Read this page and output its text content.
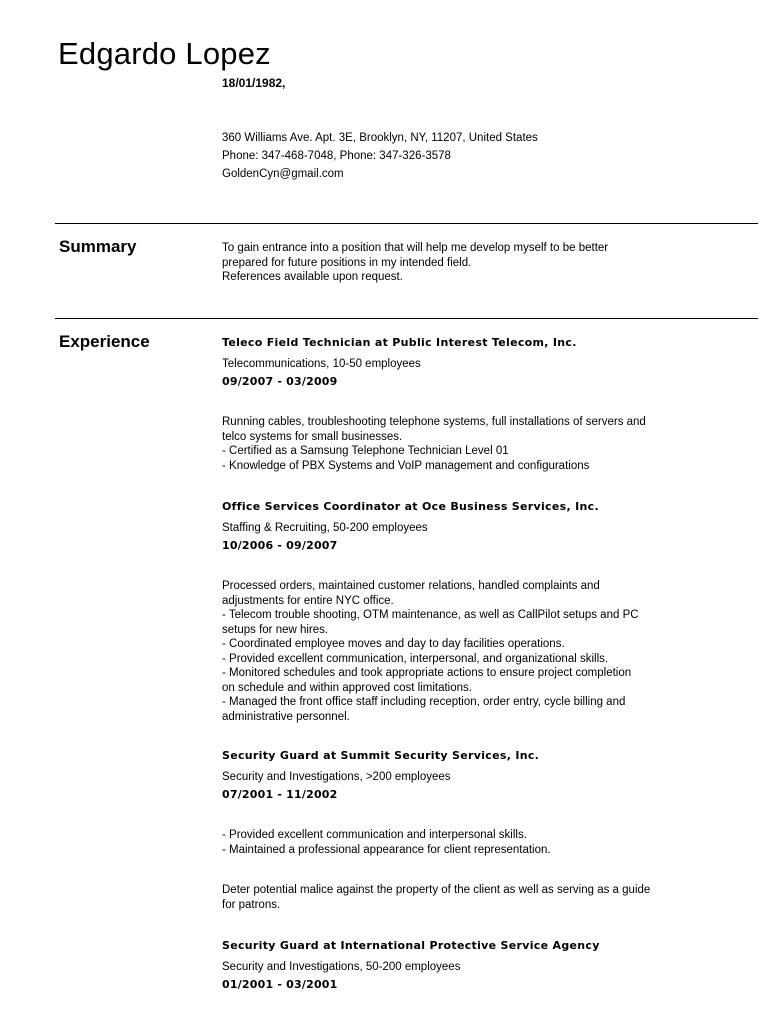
Edgardo Lopez
18/01/1982,
360 Williams Ave. Apt. 3E, Brooklyn, NY, 11207, United States
Phone: 347-468-7048, Phone: 347-326-3578
GoldenCyn@gmail.com
Summary	To gain entrance into a position that will help me develop myself to be better
prepared for future positions in my intended field.
References available upon request.
Experience	Teleco Field Technician at Public Interest Telecom, Inc.
Telecommunications, 10-50 employees
09/2007 - 03/2009
Running cables, troubleshooting telephone systems, full installations of servers and
telco systems for small businesses.
- Certified as a Samsung Telephone Technician Level 01
- Knowledge of PBX Systems and VoIP management and configurations
Office Services Coordinator at Oce Business Services, Inc.
Staffing & Recruiting, 50-200 employees
10/2006 - 09/2007
Processed orders, maintained customer relations, handled complaints and
adjustments for entire NYC office.
- Telecom trouble shooting, OTM maintenance, as well as CallPilot setups and PC
setups for new hires.
- Coordinated employee moves and day to day facilities operations.
- Provided excellent communication, interpersonal, and organizational skills.
- Monitored schedules and took appropriate actions to ensure project completion
on schedule and within approved cost limitations.
- Managed the front office staff including reception, order entry, cycle billing and
administrative personnel.
Security Guard at Summit Security Services, Inc.
Security and Investigations, >200 employees
07/2001 - 11/2002
- Provided excellent communication and interpersonal skills.
- Maintained a professional appearance for client representation.
Deter potential malice against the property of the client as well as serving as a guide
for patrons.
Security Guard at International Protective Service Agency
Security and Investigations, 50-200 employees
01/2001 - 03/2001
